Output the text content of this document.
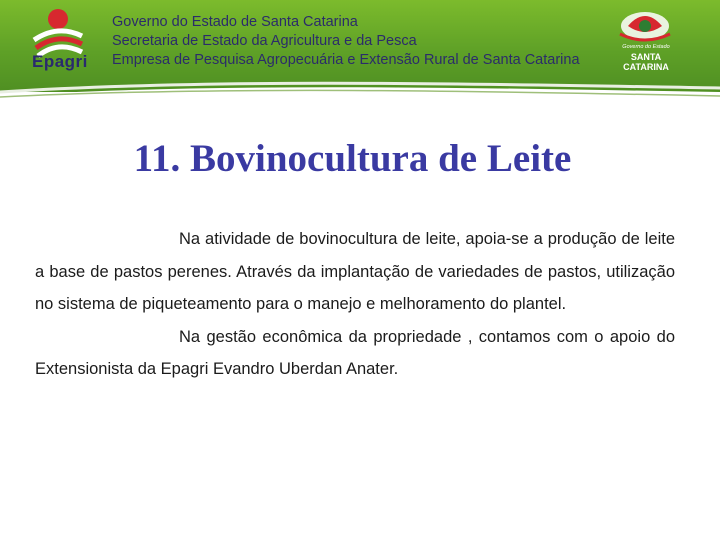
Epagri
Governo do Estado de Santa Catarina
Secretaria de Estado da Agricultura e da Pesca
Empresa de Pesquisa Agropecuária e Extensão Rural de Santa Catarina
Governo do Estado
SANTA CATARINA
11. Bovinocultura de Leite

Na atividade de bovinocultura de leite, apoia-se a produção de leite a base de pastos perenes. Através da implantação de variedades de pastos, utilização no sistema de piqueteamento para o manejo e melhoramento do plantel.

Na gestão econômica da propriedade , contamos com o apoio do Extensionista da Epagri Evandro Uberdan Anater.
